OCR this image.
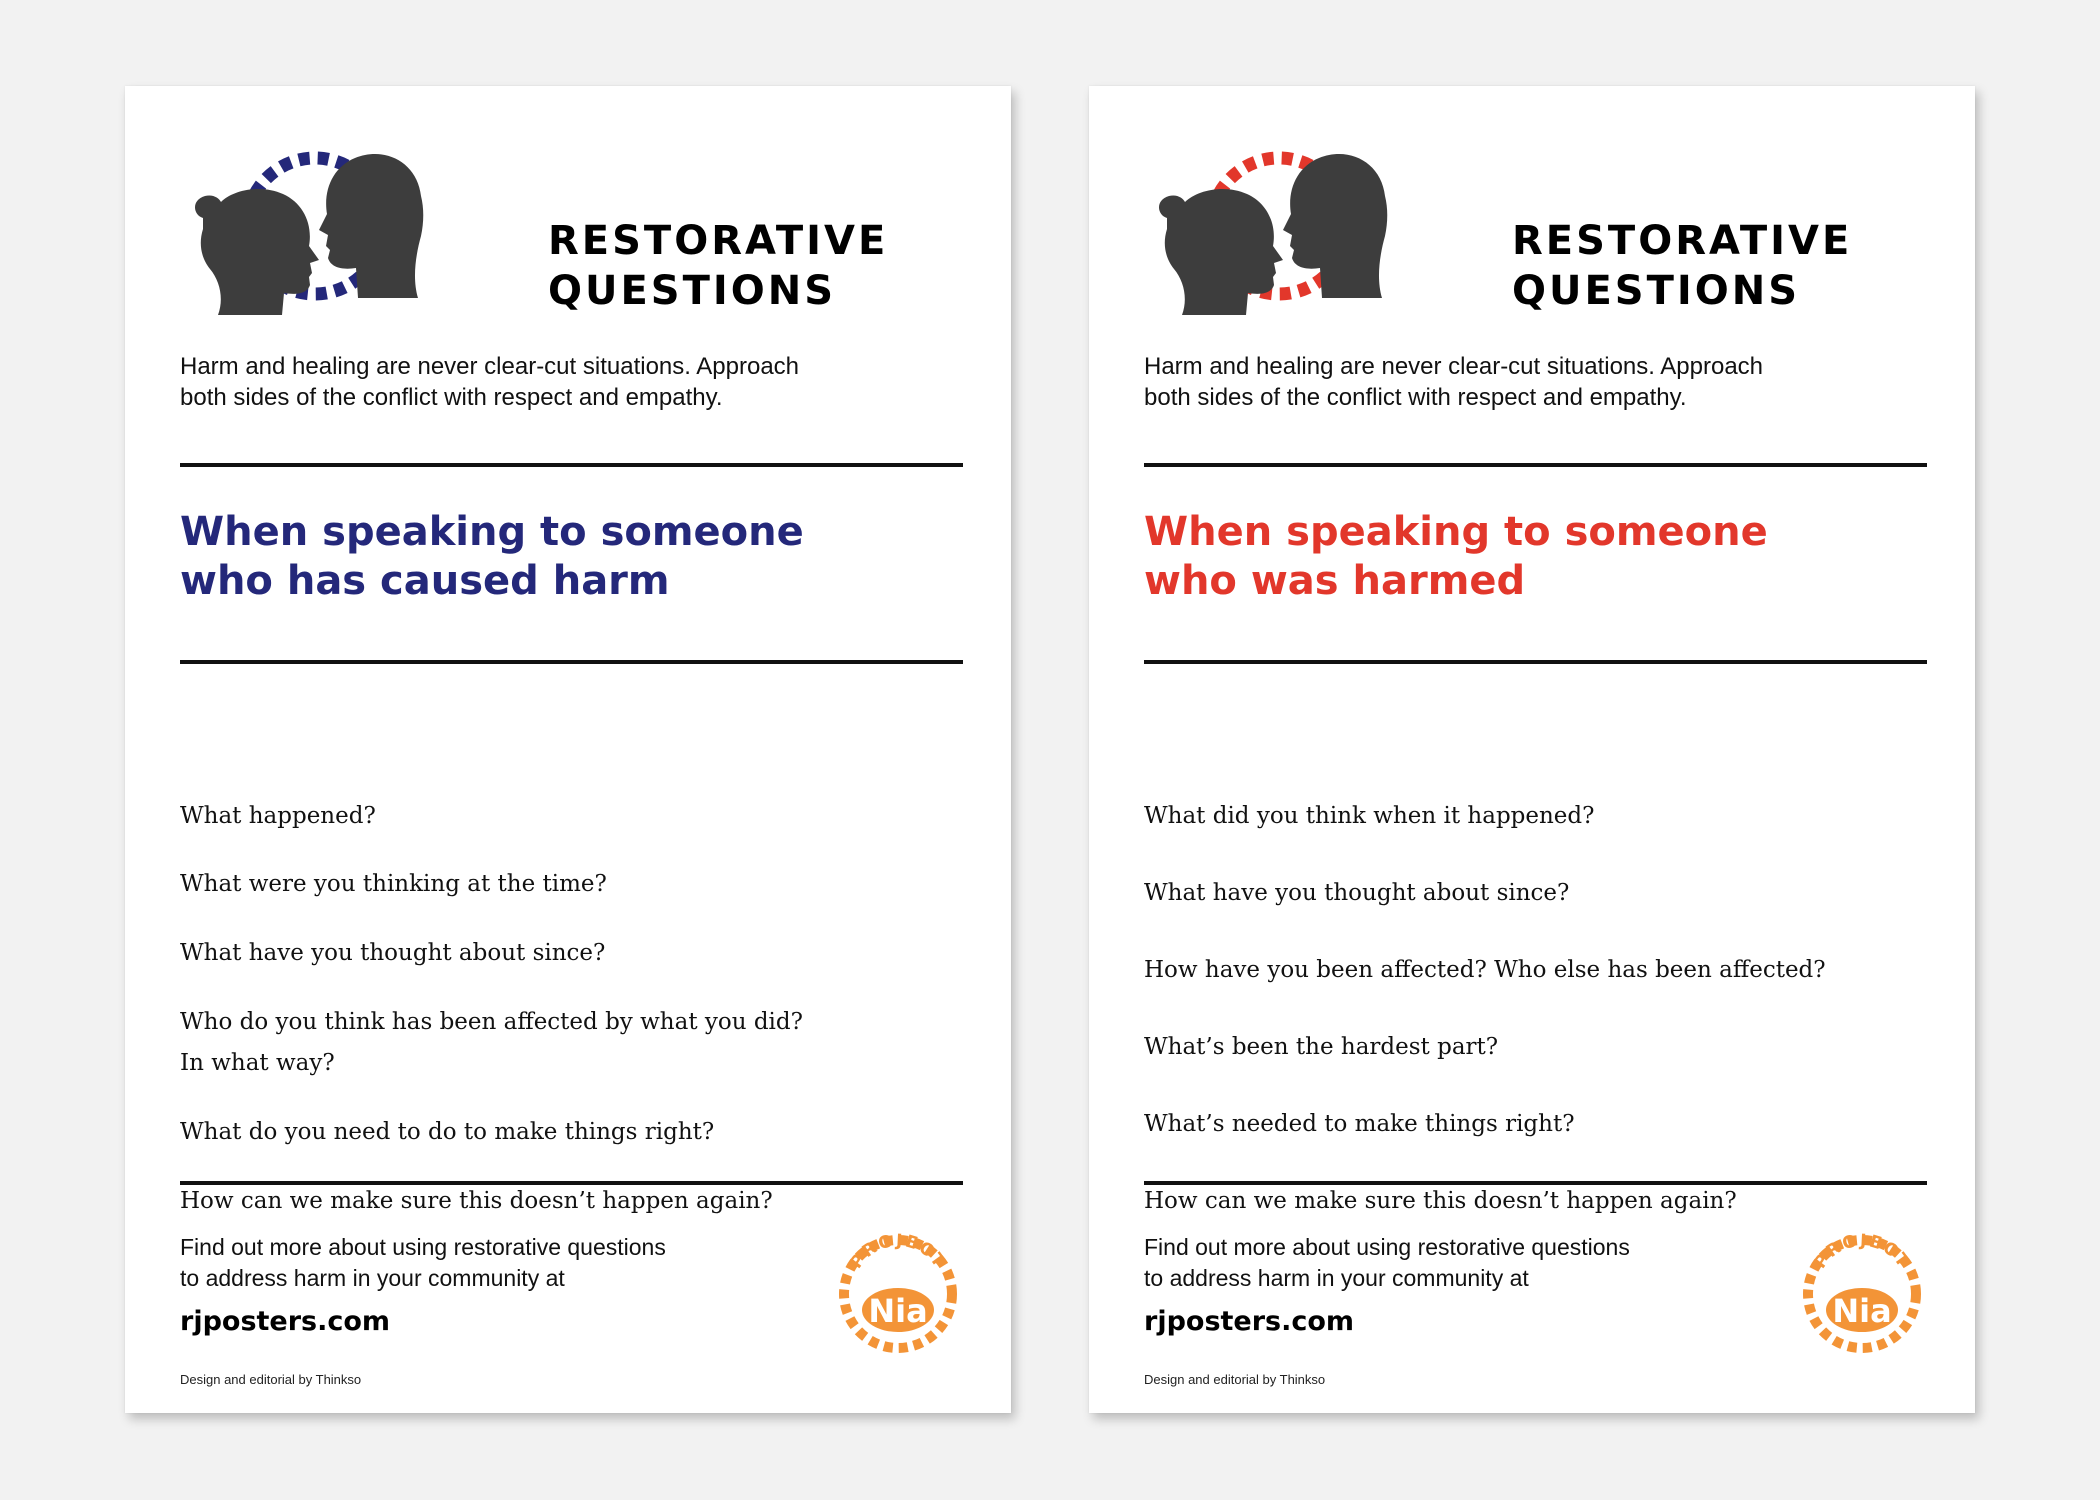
RESTORATIVE
QUESTIONS
Harm and healing are never clear-cut situations. Approach
both sides of the conflict with respect and empathy.
When speaking to someone
who has caused harm
What happened?
What were you thinking at the time?
What have you thought about since?
Who do you think has been affected by what you did?
In what way?
What do you need to do to make things right?
How can we make sure this doesn’t happen again?
Find out more about using restorative questions
to address harm in your community at
rjposters.com
Design and editorial by Thinkso
PROJECT
Nia
RESTORATIVE
QUESTIONS
Harm and healing are never clear-cut situations. Approach
both sides of the conflict with respect and empathy.
When speaking to someone
who was harmed
What did you think when it happened?
What have you thought about since?
How have you been affected? Who else has been affected?
What’s been the hardest part?
What’s needed to make things right?
How can we make sure this doesn’t happen again?
Find out more about using restorative questions
to address harm in your community at
rjposters.com
Design and editorial by Thinkso
PROJECT
Nia
